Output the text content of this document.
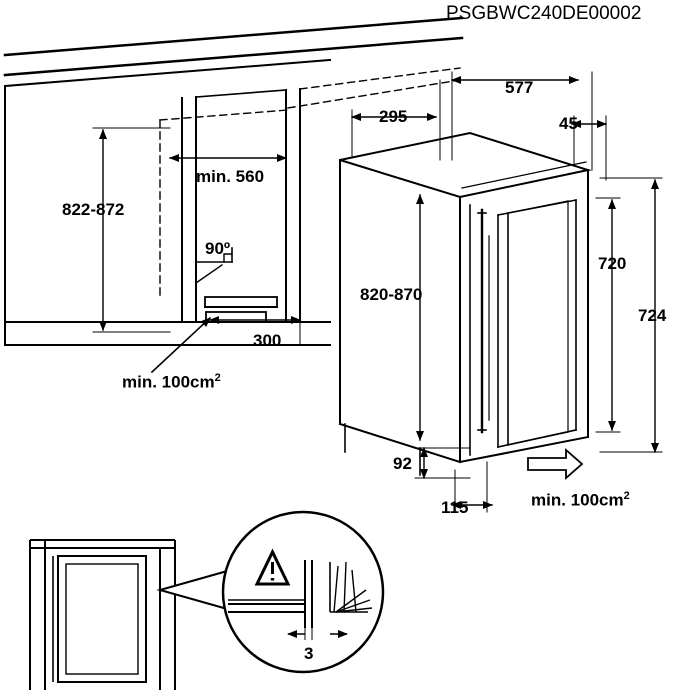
PSGBWC240DE00002
822-872
min. 560
90º
300
min. $100cm^2$
295
577
45
820-870
720
724
92
115	min. $100cm^2$
3
